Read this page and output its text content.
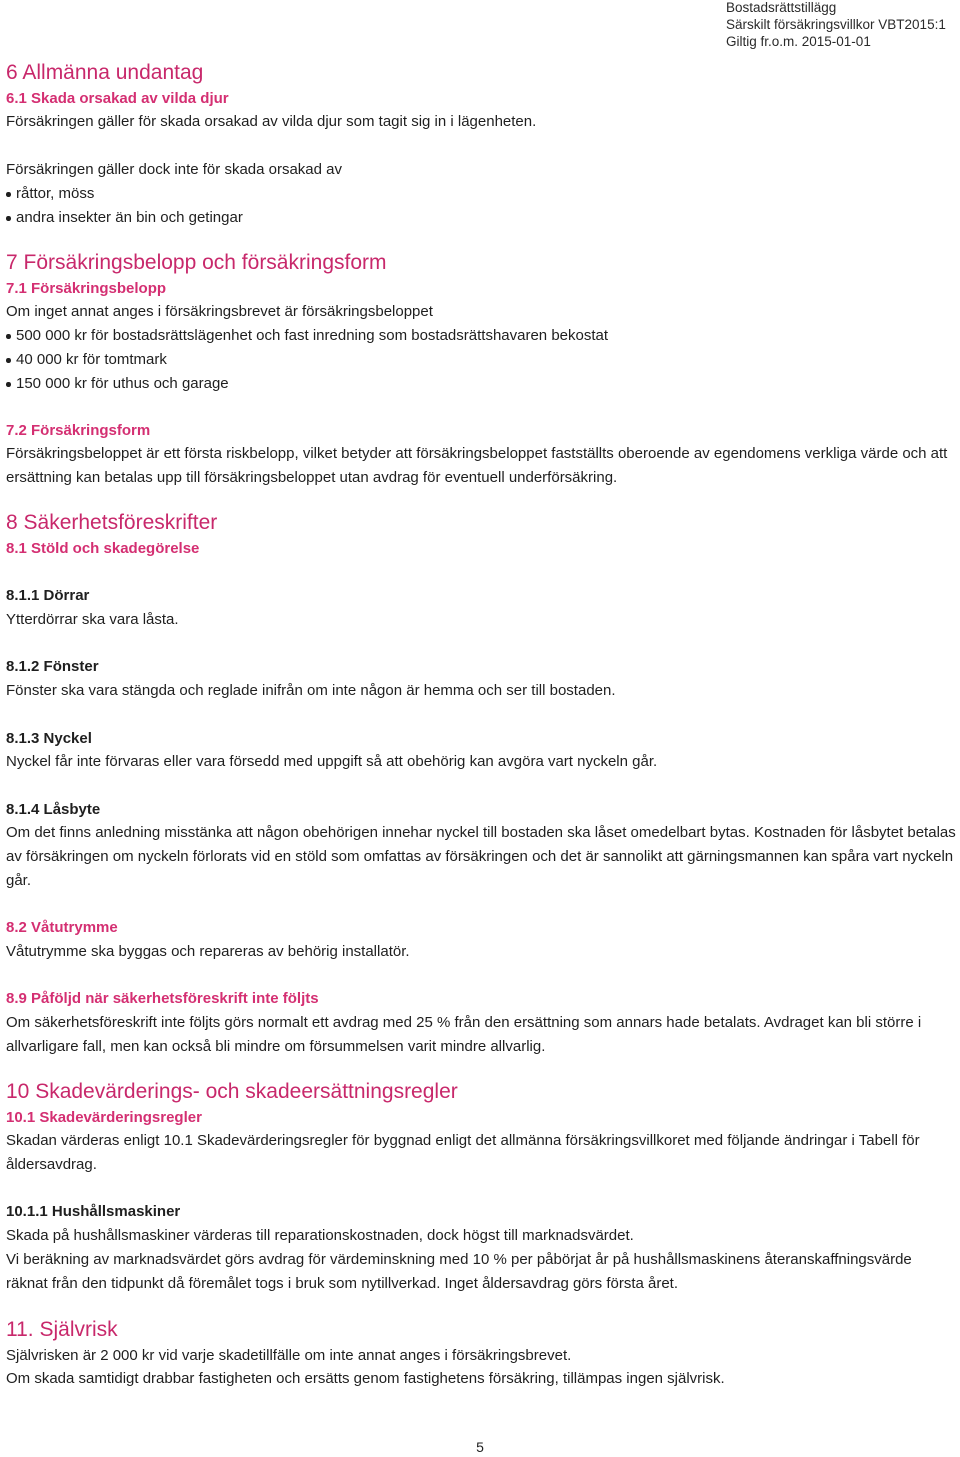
Bostadsrättstillägg
Särskilt försäkringsvillkor VBT2015:1
Giltig fr.o.m. 2015-01-01
6 Allmänna undantag
6.1 Skada orsakad av vilda djur
Försäkringen gäller för skada orsakad av vilda djur som tagit sig in i lägenheten.
Försäkringen gäller dock inte för skada orsakad av
råttor, möss
andra insekter än bin och getingar
7 Försäkringsbelopp och försäkringsform
7.1 Försäkringsbelopp
Om inget annat anges i försäkringsbrevet är försäkringsbeloppet
500 000 kr för bostadsrättslägenhet och fast inredning som bostadsrättshavaren bekostat
40 000 kr för tomtmark
150 000 kr för uthus och garage
7.2 Försäkringsform
Försäkringsbeloppet är ett första riskbelopp, vilket betyder att försäkringsbeloppet fastställts oberoende av egendomens verkliga värde och att ersättning kan betalas upp till försäkringsbeloppet utan avdrag för eventuell underförsäkring.
8 Säkerhetsföreskrifter
8.1 Stöld och skadegörelse
8.1.1 Dörrar
Ytterdörrar ska vara låsta.
8.1.2 Fönster
Fönster ska vara stängda och reglade inifrån om inte någon är hemma och ser till bostaden.
8.1.3 Nyckel
Nyckel får inte förvaras eller vara försedd med uppgift så att obehörig kan avgöra vart nyckeln går.
8.1.4 Låsbyte
Om det finns anledning misstänka att någon obehörigen innehar nyckel till bostaden ska låset omedelbart bytas. Kostnaden för låsbytet betalas av försäkringen om nyckeln förlorats vid en stöld som omfattas av försäkringen och det är sannolikt att gärningsmannen kan spåra vart nyckeln går.
8.2 Våtutrymme
Våtutrymme ska byggas och repareras av behörig installatör.
8.9 Påföljd när säkerhetsföreskrift inte följts
Om säkerhetsföreskrift inte följts görs normalt ett avdrag med 25 % från den ersättning som annars hade betalats. Avdraget kan bli större i allvarligare fall, men kan också bli mindre om försummelsen varit mindre allvarlig.
10 Skadevärderings- och skadeersättningsregler
10.1 Skadevärderingsregler
Skadan värderas enligt 10.1 Skadevärderingsregler för byggnad enligt det allmänna försäkringsvillkoret med följande ändringar i Tabell för åldersavdrag.
10.1.1 Hushållsmaskiner
Skada på hushållsmaskiner värderas till reparationskostnaden, dock högst till marknadsvärdet.
Vi beräkning av marknadsvärdet görs avdrag för värdeminskning med 10 % per påbörjat år på hushållsmaskinens återanskaffningsvärde räknat från den tidpunkt då föremålet togs i bruk som nytillverkad. Inget åldersavdrag görs första året.
11. Självrisk
Självrisken är 2 000 kr vid varje skadetillfälle om inte annat anges i försäkringsbrevet.
Om skada samtidigt drabbar fastigheten och ersätts genom fastighetens försäkring, tillämpas ingen självrisk.
5
